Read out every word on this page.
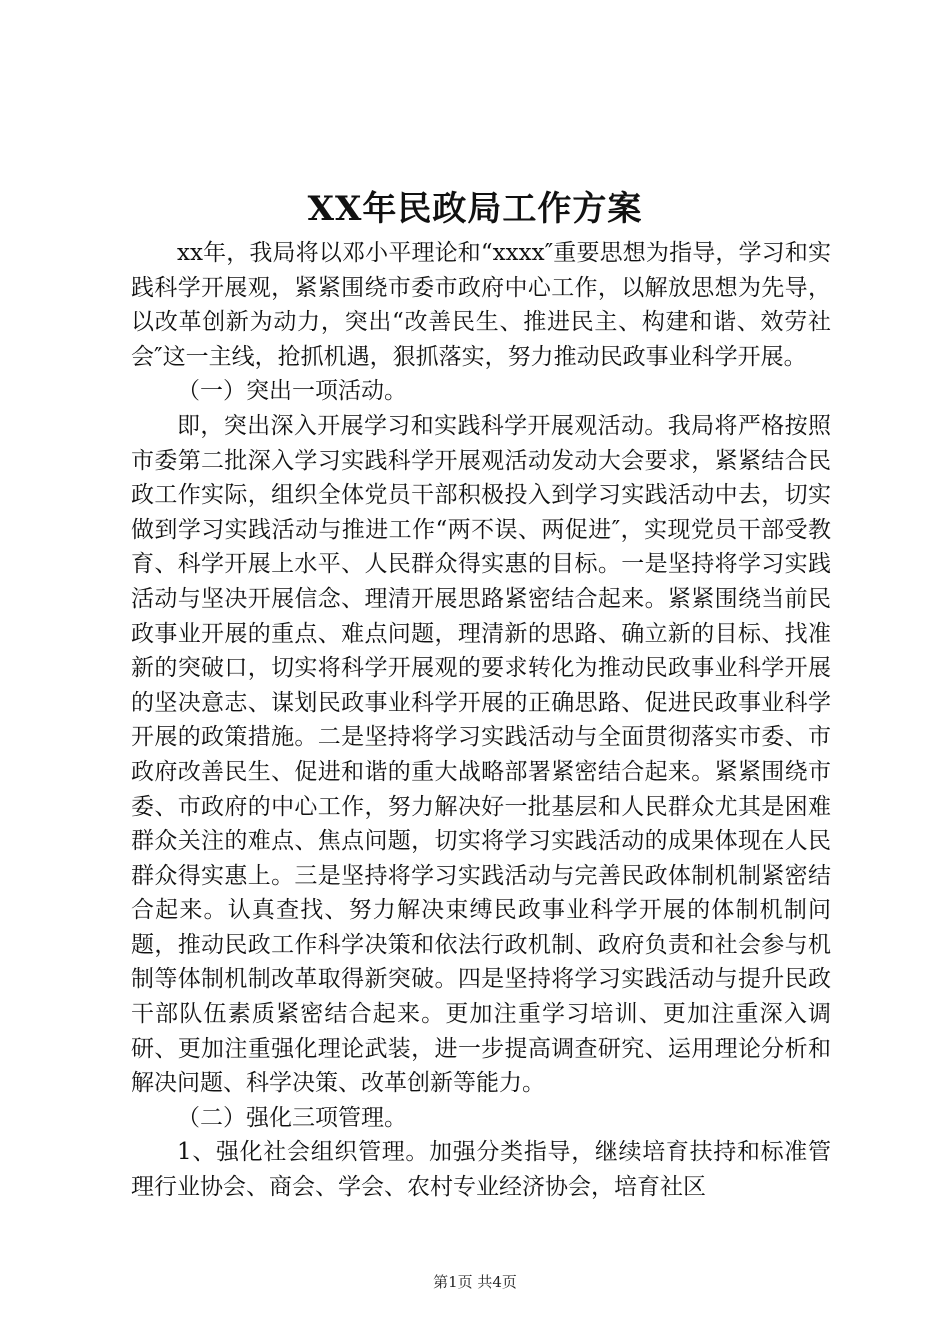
XX年民政局工作方案

xx年，我局将以邓小平理论和“xxxx″重要思想为指导，学习和实践科学开展观，紧紧围绕市委市政府中心工作，以解放思想为先导，以改革创新为动力，突出“改善民生、推进民主、构建和谐、效劳社会″这一主线，抢抓机遇，狠抓落实，努力推动民政事业科学开展。

（一）突出一项活动。

即，突出深入开展学习和实践科学开展观活动。我局将严格按照市委第二批深入学习实践科学开展观活动发动大会要求，紧紧结合民政工作实际，组织全体党员干部积极投入到学习实践活动中去，切实做到学习实践活动与推进工作“两不误、两促进″，实现党员干部受教育、科学开展上水平、人民群众得实惠的目标。一是坚持将学习实践活动与坚决开展信念、理清开展思路紧密结合起来。紧紧围绕当前民政事业开展的重点、难点问题，理清新的思路、确立新的目标、找准新的突破口，切实将科学开展观的要求转化为推动民政事业科学开展的坚决意志、谋划民政事业科学开展的正确思路、促进民政事业科学开展的政策措施。二是坚持将学习实践活动与全面贯彻落实市委、市政府改善民生、促进和谐的重大战略部署紧密结合起来。紧紧围绕市委、市政府的中心工作，努力解决好一批基层和人民群众尤其是困难群众关注的难点、焦点问题，切实将学习实践活动的成果体现在人民群众得实惠上。三是坚持将学习实践活动与完善民政体制机制紧密结合起来。认真查找、努力解决束缚民政事业科学开展的体制机制问题，推动民政工作科学决策和依法行政机制、政府负责和社会参与机制等体制机制改革取得新突破。四是坚持将学习实践活动与提升民政干部队伍素质紧密结合起来。更加注重学习培训、更加注重深入调研、更加注重强化理论武装，进一步提高调查研究、运用理论分析和解决问题、科学决策、改革创新等能力。

（二）强化三项管理。

1、强化社会组织管理。加强分类指导，继续培育扶持和标准管理行业协会、商会、学会、农村专业经济协会，培育社区

第1页 共4页
